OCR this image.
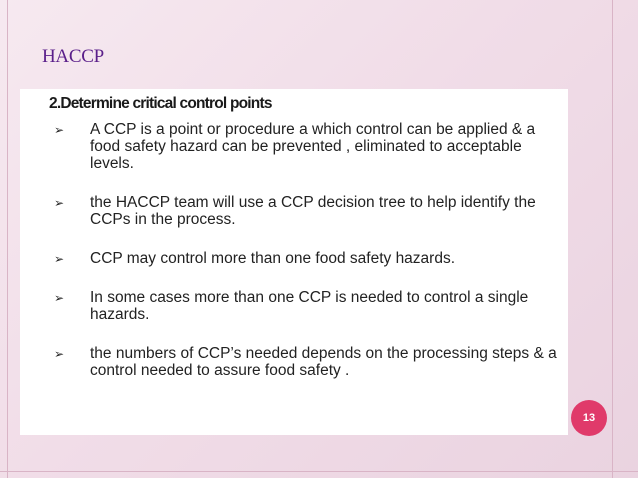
HACCP
2.Determine critical control points
➢ A CCP is a point or procedure a which control can be applied & a food safety hazard can be prevented , eliminated to acceptable levels.
➢ the HACCP team will use a CCP decision tree to help identify the CCPs in the process.
➢ CCP may control more than one food safety hazards.
➢ In some cases more than one CCP is needed to control a single hazards.
➢ the numbers of CCP’s needed depends on the processing steps & a control needed to assure food safety .
13
